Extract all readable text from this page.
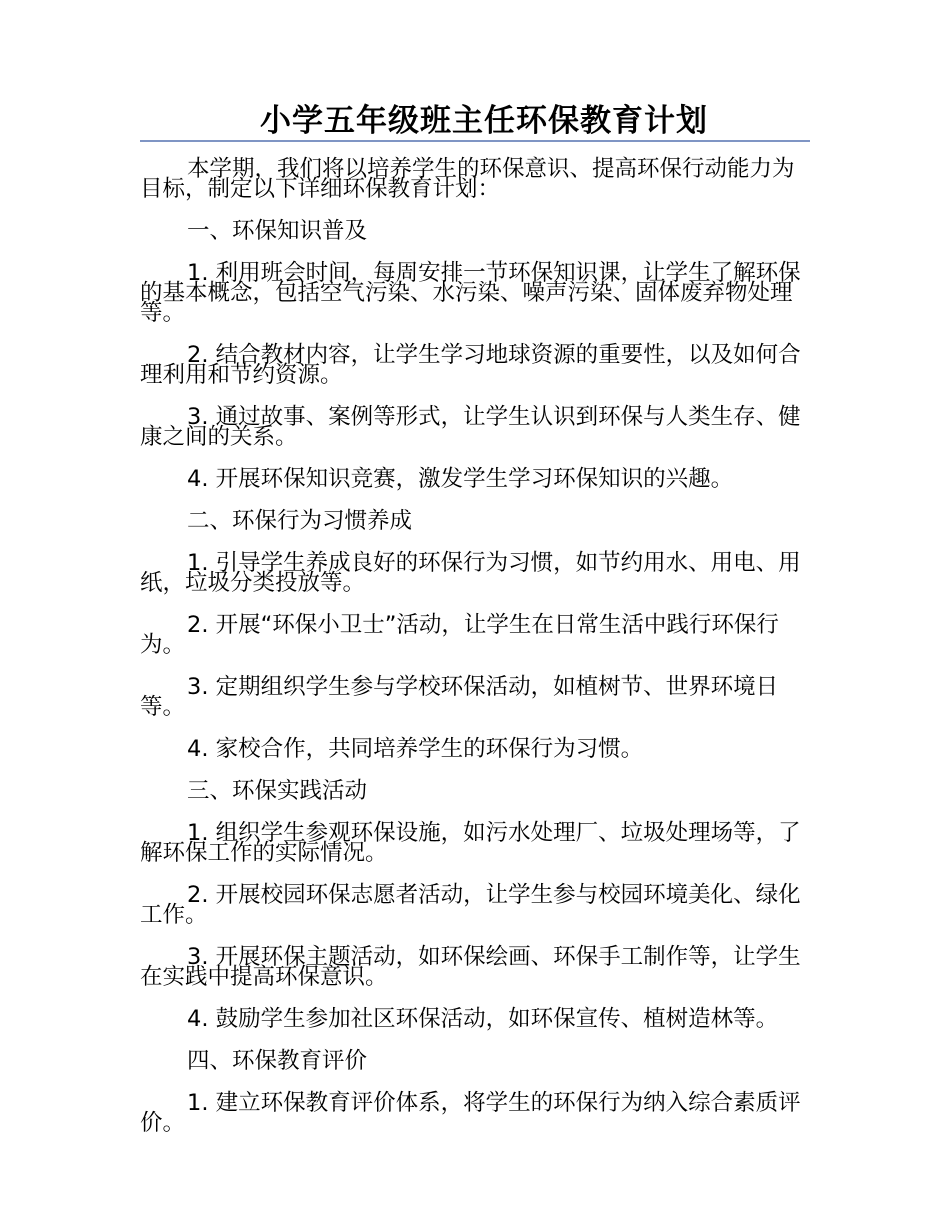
小学五年级班主任环保教育计划

本学期，我们将以培养学生的环保意识、提高环保行动能力为目标，制定以下详细环保教育计划：

一、环保知识普及

1. 利用班会时间，每周安排一节环保知识课，让学生了解环保的基本概念，包括空气污染、水污染、噪声污染、固体废弃物处理等。

2. 结合教材内容，让学生学习地球资源的重要性，以及如何合理利用和节约资源。

3. 通过故事、案例等形式，让学生认识到环保与人类生存、健康之间的关系。

4. 开展环保知识竞赛，激发学生学习环保知识的兴趣。

二、环保行为习惯养成

1. 引导学生养成良好的环保行为习惯，如节约用水、用电、用纸，垃圾分类投放等。

2. 开展“环保小卫士”活动，让学生在日常生活中践行环保行为。

3. 定期组织学生参与学校环保活动，如植树节、世界环境日等。

4. 家校合作，共同培养学生的环保行为习惯。

三、环保实践活动

1. 组织学生参观环保设施，如污水处理厂、垃圾处理场等，了解环保工作的实际情况。

2. 开展校园环保志愿者活动，让学生参与校园环境美化、绿化工作。

3. 开展环保主题活动，如环保绘画、环保手工制作等，让学生在实践中提高环保意识。

4. 鼓励学生参加社区环保活动，如环保宣传、植树造林等。

四、环保教育评价

1. 建立环保教育评价体系，将学生的环保行为纳入综合素质评价。
